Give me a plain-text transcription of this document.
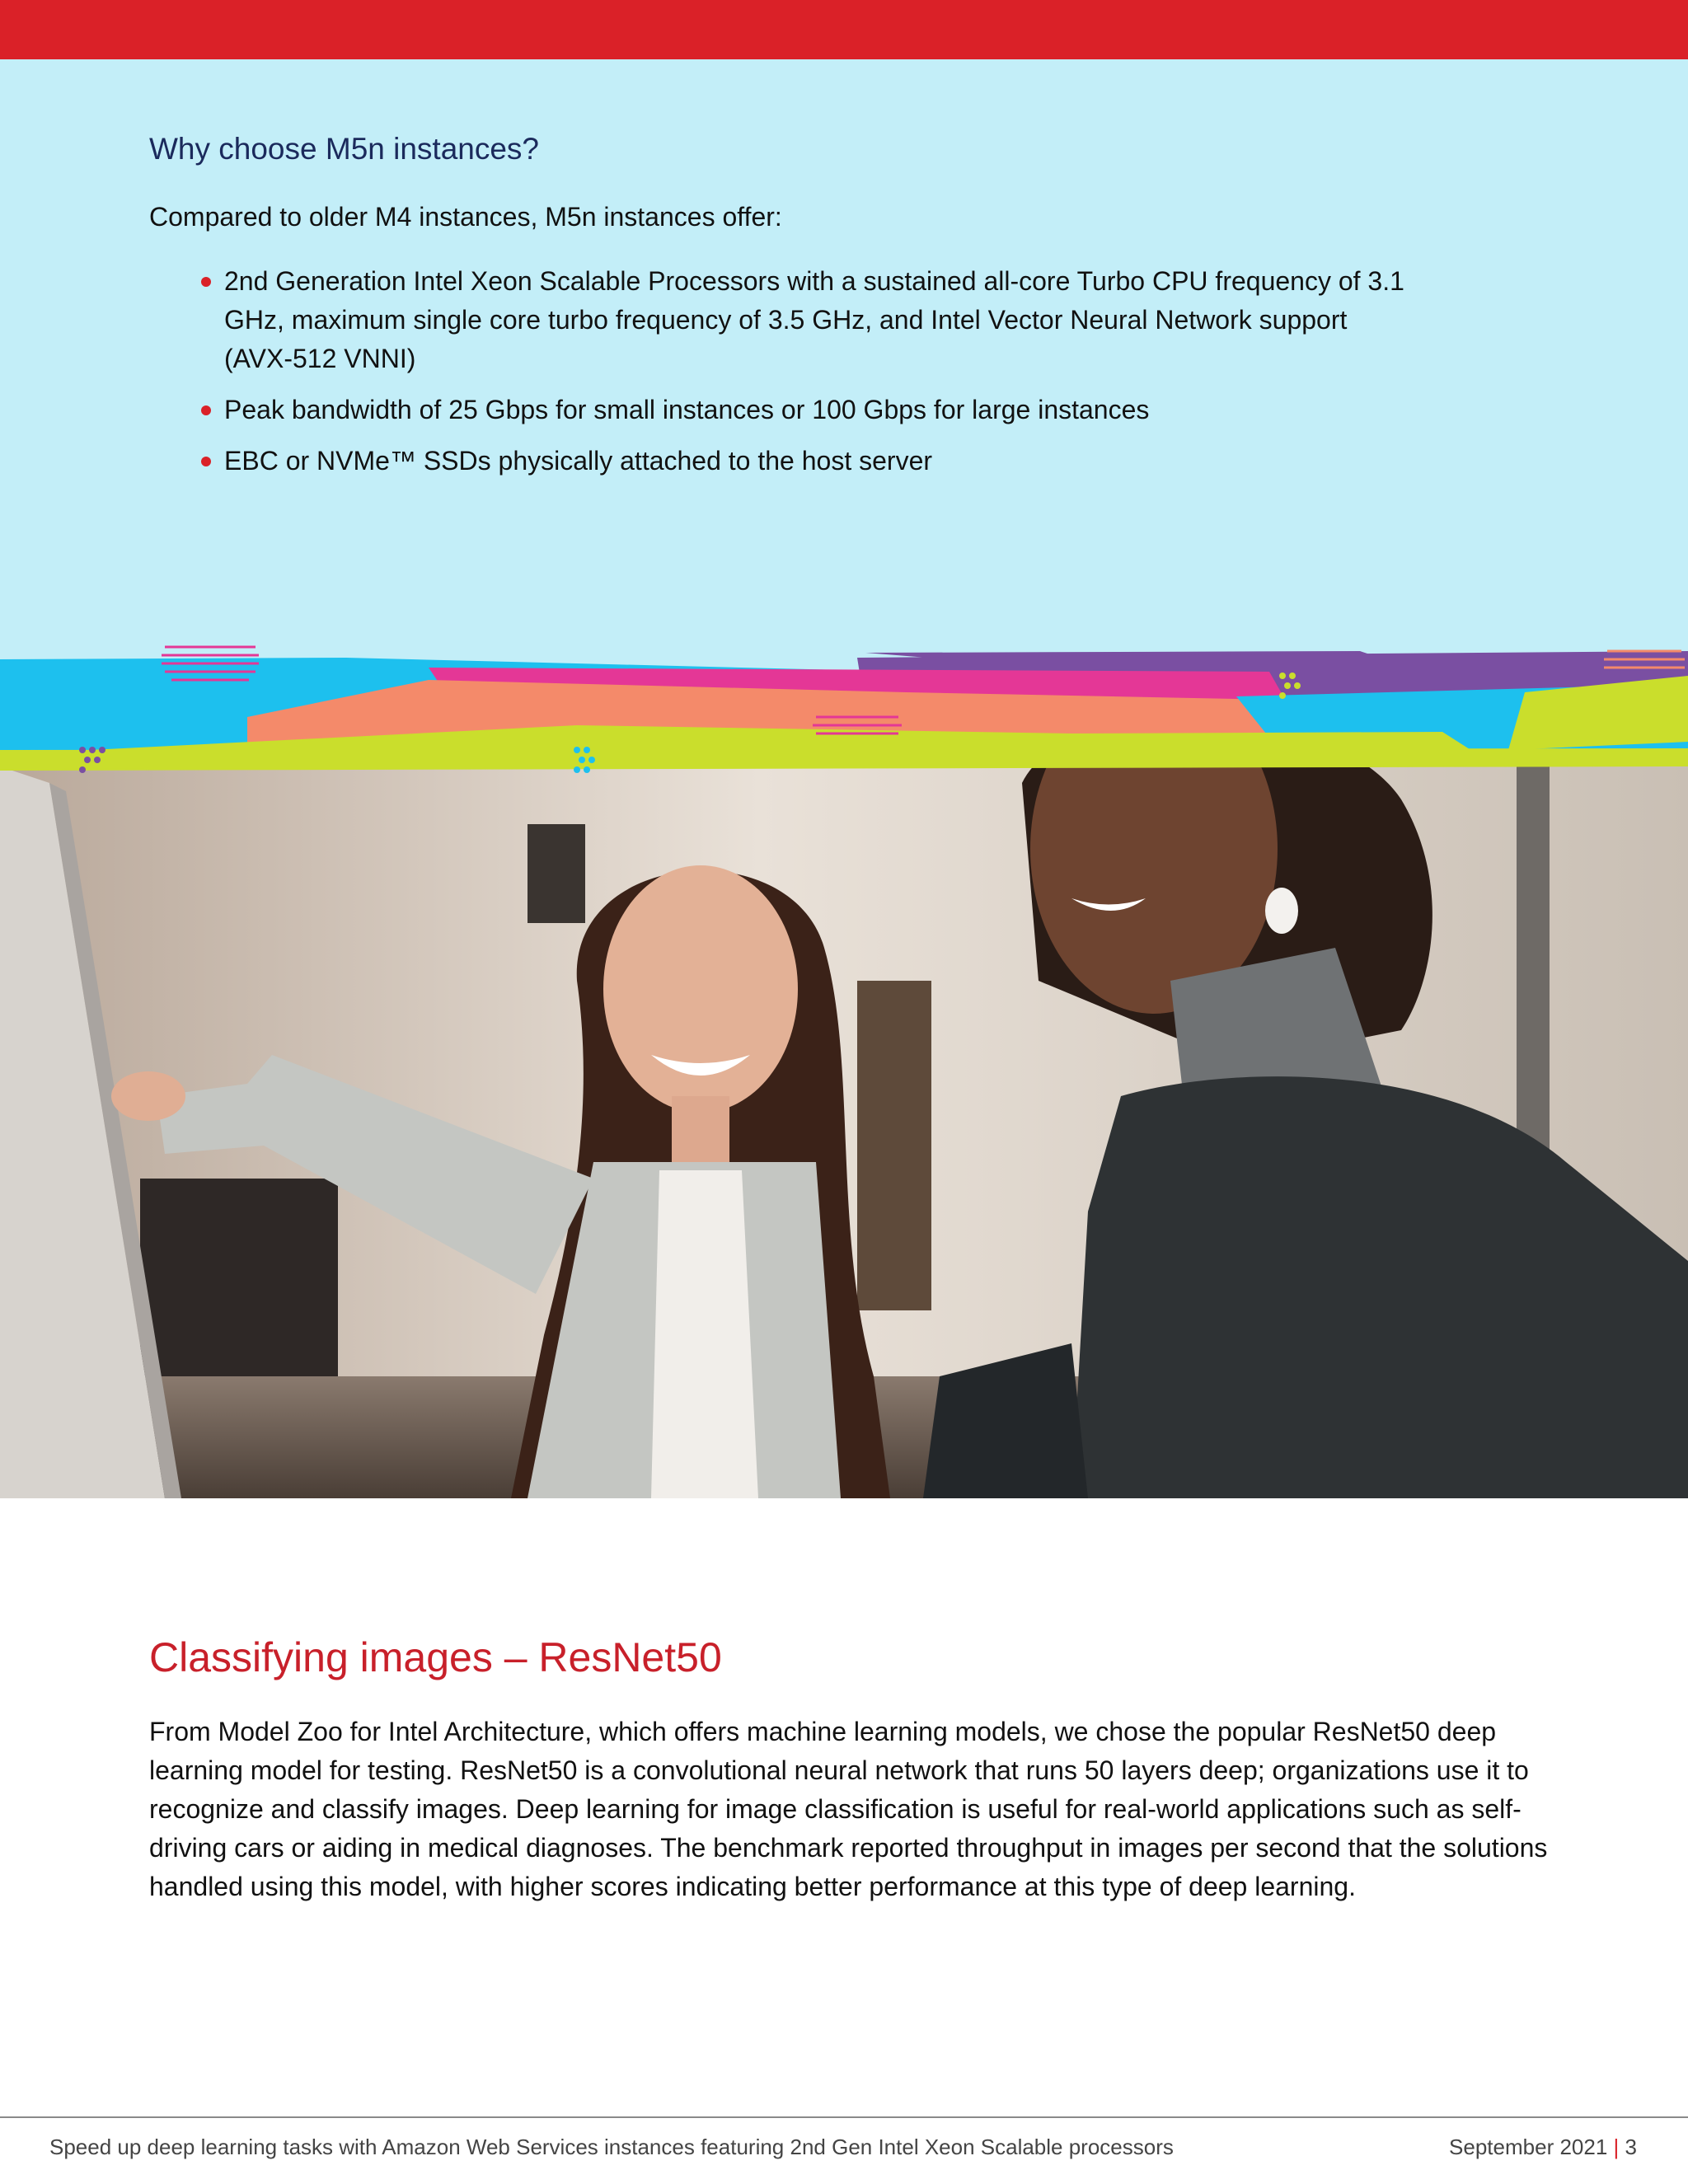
Why choose M5n instances?

Compared to older M4 instances, M5n instances offer:

2nd Generation Intel Xeon Scalable Processors with a sustained all-core Turbo CPU frequency of 3.1 GHz, maximum single core turbo frequency of 3.5 GHz, and Intel Vector Neural Network support (AVX-512 VNNI)
Peak bandwidth of 25 Gbps for small instances or 100 Gbps for large instances
EBC or NVMe™ SSDs physically attached to the host server
Classifying images – ResNet50

From Model Zoo for Intel Architecture, which offers machine learning models, we chose the popular ResNet50 deep learning model for testing. ResNet50 is a convolutional neural network that runs 50 layers deep; organizations use it to recognize and classify images. Deep learning for image classification is useful for real-world applications such as self-driving cars or aiding in medical diagnoses. The benchmark reported throughput in images per second that the solutions handled using this model, with higher scores indicating better performance at this type of deep learning.

Speed up deep learning tasks with Amazon Web Services instances featuring 2nd Gen Intel Xeon Scalable processors	September 2021 | 3
